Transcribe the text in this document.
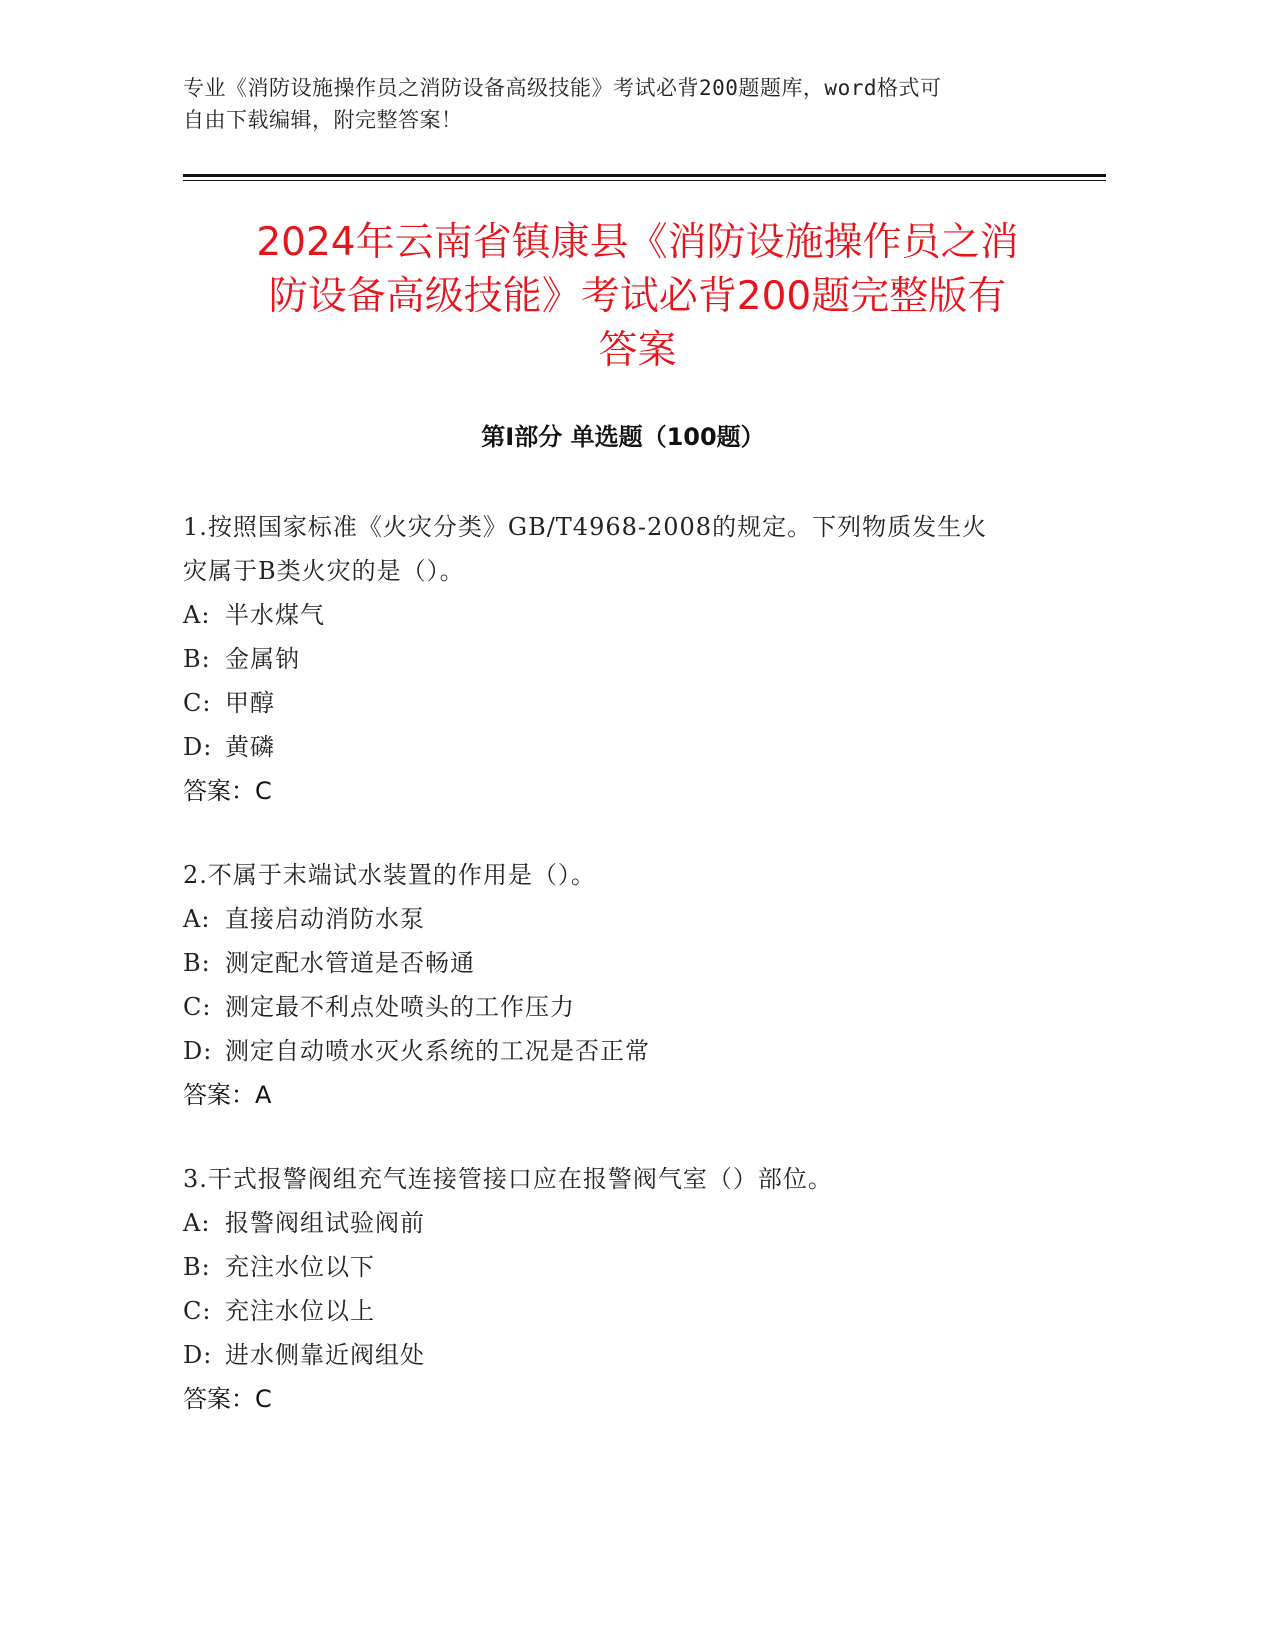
专业《消防设施操作员之消防设备高级技能》考试必背200题题库，word格式可
自由下载编辑，附完整答案！
2024年云南省镇康县《消防设施操作员之消
防设备高级技能》考试必背200题完整版有
答案
第I部分 单选题（100题）
1.按照国家标准《火灾分类》GB/T4968-2008的规定。下列物质发生火
灾属于B类火灾的是（）。
A: 半水煤气
B: 金属钠
C: 甲醇
D: 黄磷
答案：C
2.不属于末端试水装置的作用是（）。
A: 直接启动消防水泵
B: 测定配水管道是否畅通
C: 测定最不利点处喷头的工作压力
D: 测定自动喷水灭火系统的工况是否正常
答案：A
3.干式报警阀组充气连接管接口应在报警阀气室（）部位。
A: 报警阀组试验阀前
B: 充注水位以下
C: 充注水位以上
D: 进水侧靠近阀组处
答案：C
